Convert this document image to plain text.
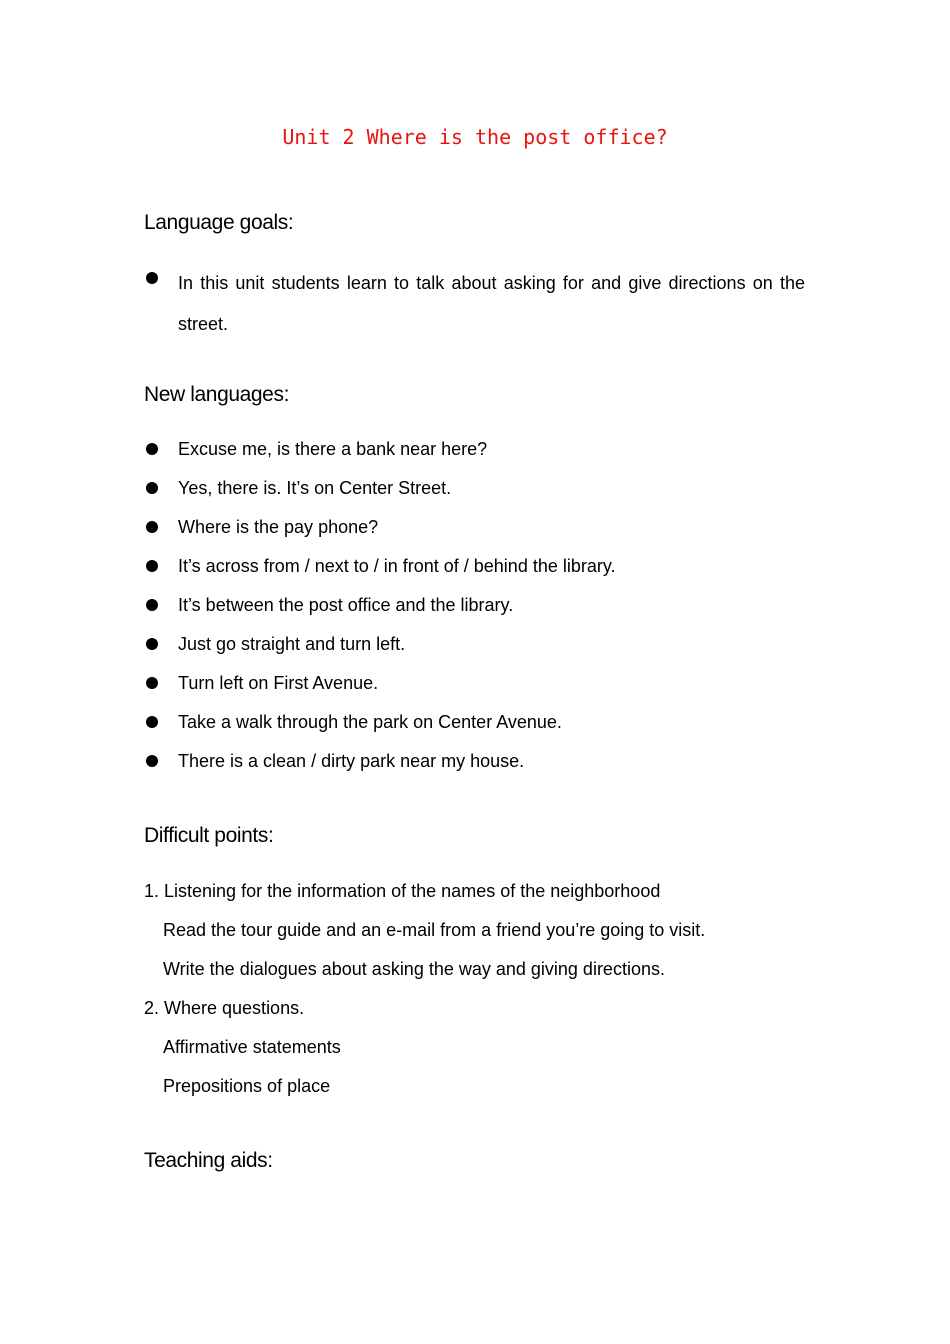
Unit 2 Where is the post office?
Language goals:
In this unit students learn to talk about asking for and give directions on the street.
New languages:
Excuse me, is there a bank near here?
Yes, there is. It’s on Center Street.
Where is the pay phone?
It’s across from / next to / in front of / behind the library.
It’s between the post office and the library.
Just go straight and turn left.
Turn left on First Avenue.
Take a walk through the park on Center Avenue.
There is a clean / dirty park near my house.
Difficult points:
1. Listening for the information of the names of the neighborhood
Read the tour guide and an e-mail from a friend you’re going to visit.
Write the dialogues about asking the way and giving directions.
2. Where questions.
Affirmative statements
Prepositions of place
Teaching aids:
